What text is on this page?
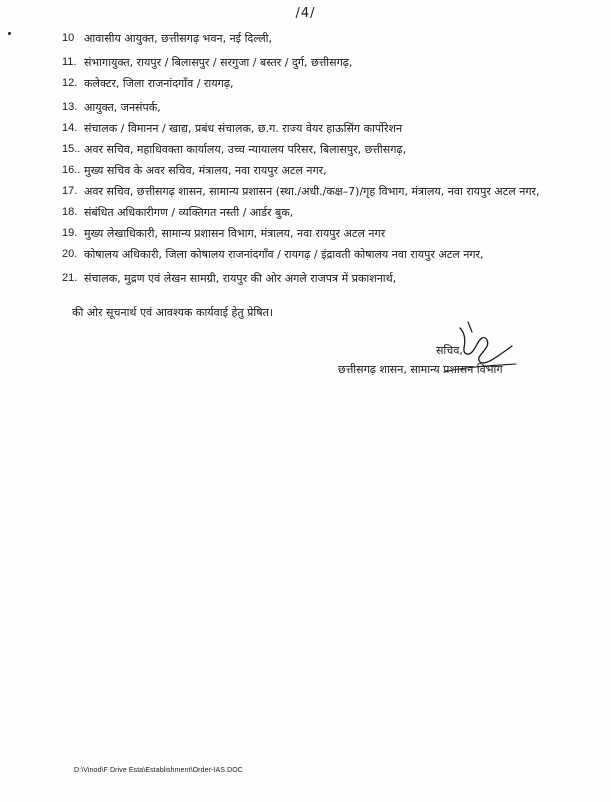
/4/
10 आवासीय आयुक्त, छत्तीसगढ़ भवन, नई दिल्ली,
11. संभागायुक्त, रायपुर / बिलासपुर / सरगुजा / बस्तर / दुर्ग, छत्तीसगढ़,
12. कलेक्टर, जिला राजनांदगाँव / रायगढ़,
13. आयुक्त, जनसंपर्क,
14. संचालक / विमानन / खाद्य, प्रबंध संचालक, छ.ग. राज्य वेयर हाऊसिंग कार्पोरेशन
15.. अवर सचिव, महाधिवक्ता कार्यालय, उच्च न्यायालय परिसर, बिलासपुर, छत्तीसगढ़,
16.. मुख्य सचिव के अवर सचिव, मंत्रालय, नवा रायपुर अटल नगर,
17. अवर सचिव, छत्तीसगढ़ शासन, सामान्य प्रशासन (स्था./अधी./कक्ष–7)/गृह विभाग, मंत्रालय, नवा रायपुर अटल नगर,
18. संबंधित अधिकारीगण / व्यक्तिगत नस्ती / आर्डर बुक,
19. मुख्य लेखाधिकारी, सामान्य प्रशासन विभाग, मंत्रालय, नवा रायपुर अटल नगर
20. कोषालय अधिकारी, जिला कोषालय राजनांदगाँव / रायगढ़ / इंद्रावती कोषालय नवा रायपुर अटल नगर,
21. संचालक, मुद्रण एवं लेखन सामग्री, रायपुर की ओर अगले राजपत्र में प्रकाशनार्थ,
की ओर सूचनार्थ एवं आवश्यक कार्यवाई हेतु प्रेषित।
सचिव,
छत्तीसगढ़ शासन, सामान्य प्रशासन विभाग
D:\Vinod\F Drive Esta\Establishment\Order-IAS.DOC
